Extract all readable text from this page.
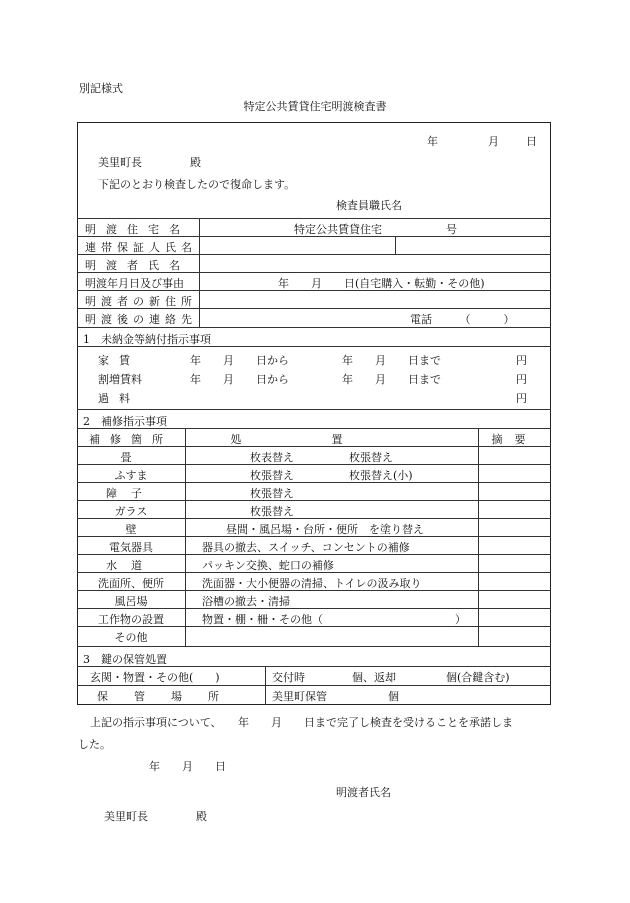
別記様式
特定公共賃貸住宅明渡検査書
年	月 日
美里町長	殿
下記のとおり検査したので復命します。
検査員職氏名
明渡住宅名	特定公共賃貸住宅	号
連帯保証人氏名
明渡者氏名
明渡年月日及び事由	年　　月　　日(自宅購入・転勤・その他)
明渡者の新住所
明渡後の連絡先	電話　　　（　　　）
1　未納金等納付指示事項
家賃	年　　月　　日から	年　　月　　日まで	円
割増賃料	年　　月　　日から	年　　月　　日まで	円
過料	円
2　補修指示事項
補修箇所	処置	摘要
畳	枚表替え　　　　　枚張替え
ふすま	枚張替え　　　　　枚張替え(小)
障子	枚張替え
ガラス	枚張替え
壁	昼間・風呂場・台所・便所　を塗り替え
電気器具	器具の撤去、スイッチ、コンセントの補修
水道	パッキン交換、蛇口の補修
洗面所、便所	洗面器・大小便器の清掃、トイレの汲み取り
風呂場	浴槽の撤去・清掃
工作物の設置	物置・棚・柵・その他（　　　　　　　　　　　　）
その他
3　鍵の保管処置
玄関・物置・その他(　　)	交付時	個、返却	個(合鍵含む)
保管場所	美里町保管	個
上記の指示事項について、　　年　　月　　日まで完了し検査を受けることを承諾しま
した。
年　　月　　日
明渡者氏名
美里町長	殿
